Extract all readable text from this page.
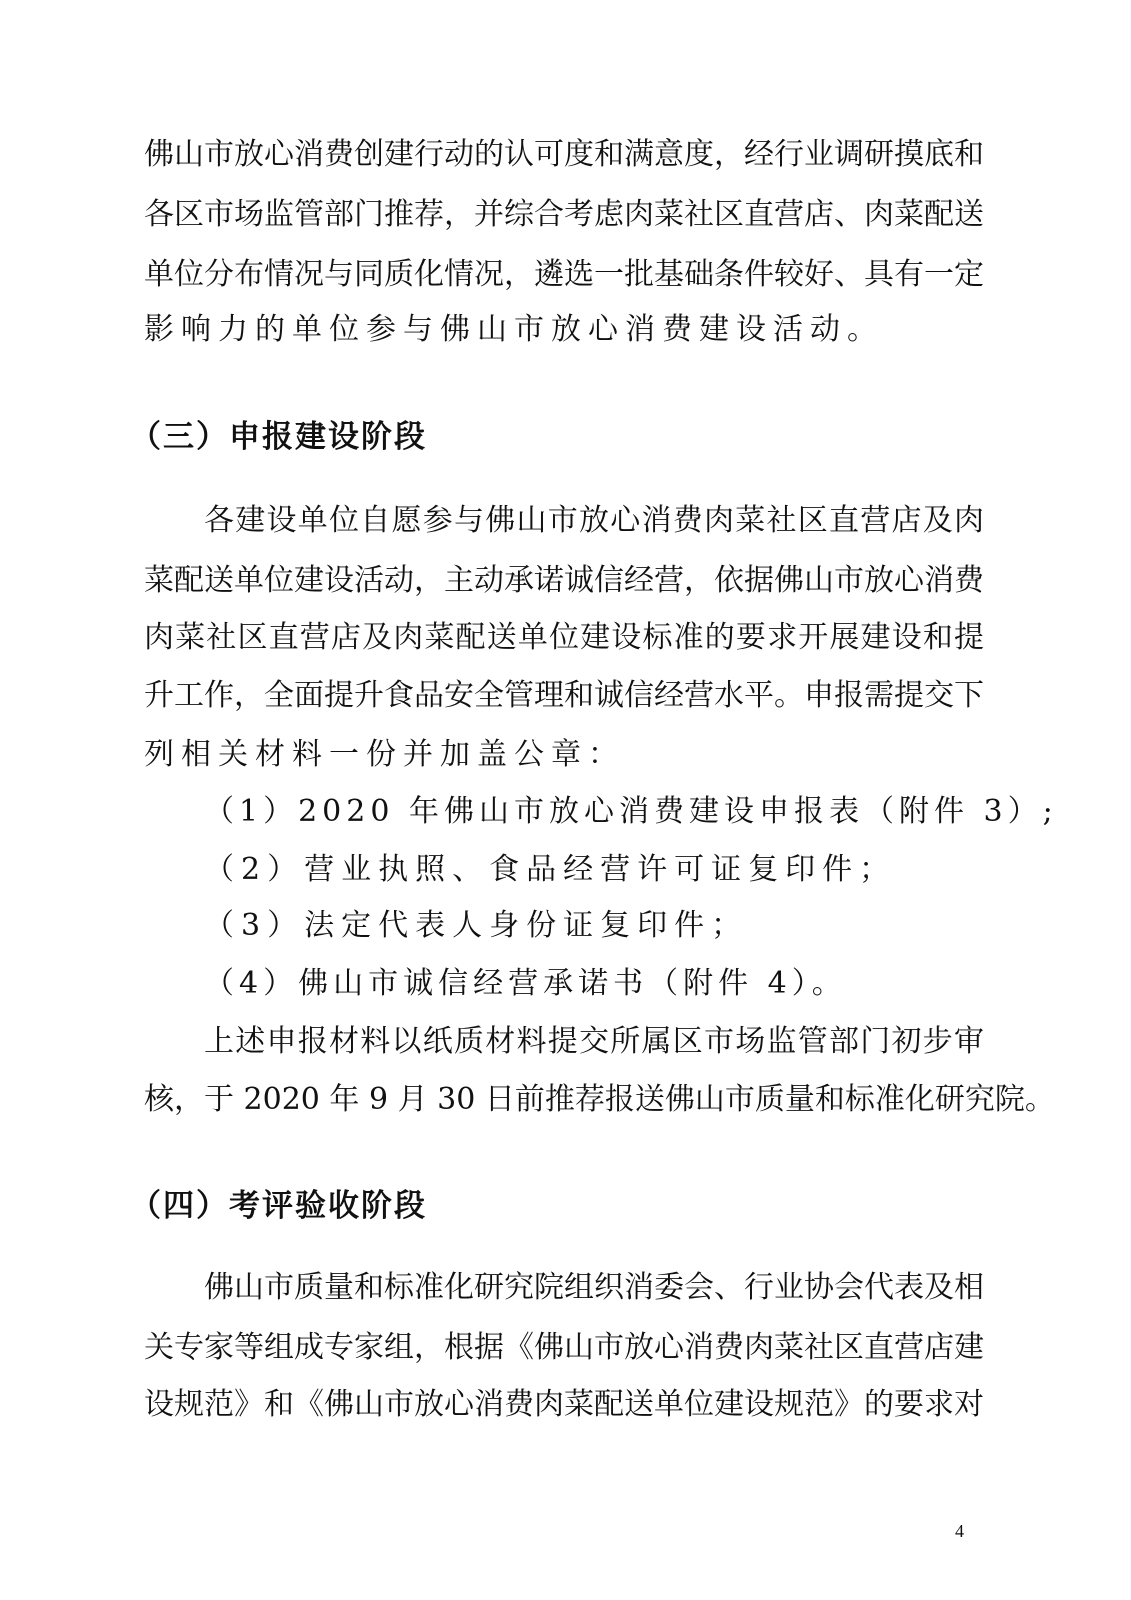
佛山市放心消费创建行动的认可度和满意度，经行业调研摸底和
各区市场监管部门推荐，并综合考虑肉菜社区直营店、肉菜配送
单位分布情况与同质化情况，遴选一批基础条件较好、具有一定
影响力的单位参与佛山市放心消费建设活动。
（三）申报建设阶段
各建设单位自愿参与佛山市放心消费肉菜社区直营店及肉
菜配送单位建设活动，主动承诺诚信经营，依据佛山市放心消费
肉菜社区直营店及肉菜配送单位建设标准的要求开展建设和提
升工作，全面提升食品安全管理和诚信经营水平。申报需提交下
列相关材料一份并加盖公章：
（1）2020 年佛山市放心消费建设申报表（附件 3）;
（2）营业执照、食品经营许可证复印件；
（3）法定代表人身份证复印件；
（4）佛山市诚信经营承诺书（附件 4）。
上述申报材料以纸质材料提交所属区市场监管部门初步审
核，于 2020 年 9 月 30 日前推荐报送佛山市质量和标准化研究院。
（四）考评验收阶段
佛山市质量和标准化研究院组织消委会、行业协会代表及相
关专家等组成专家组，根据《佛山市放心消费肉菜社区直营店建
设规范》和《佛山市放心消费肉菜配送单位建设规范》的要求对
4
